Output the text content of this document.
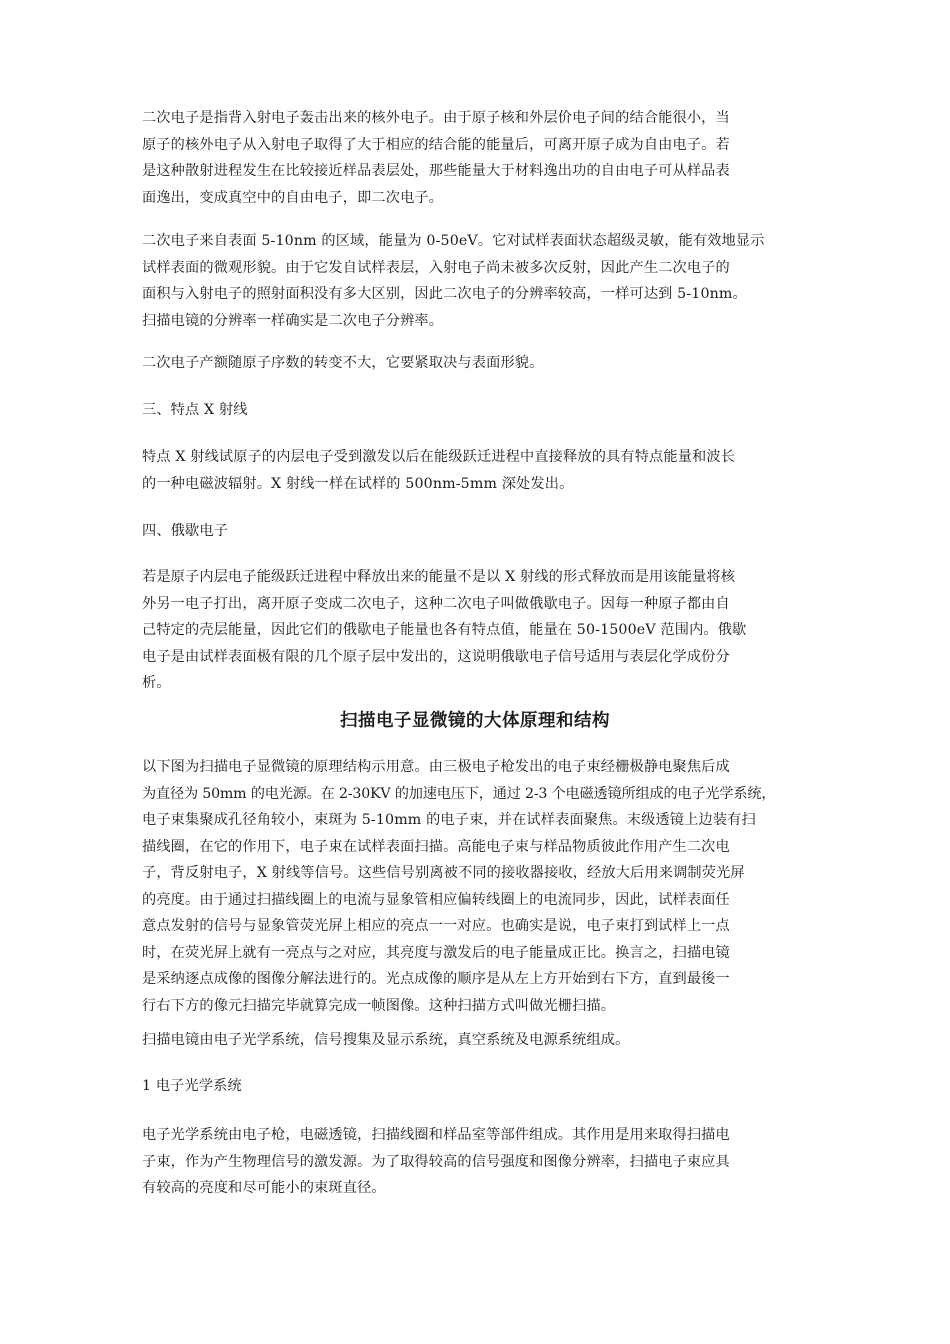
二次电子是指背入射电子轰击出来的核外电子。由于原子核和外层价电子间的结合能很小，当
原子的核外电子从入射电子取得了大于相应的结合能的能量后，可离开原子成为自由电子。若
是这种散射进程发生在比较接近样品表层处，那些能量大于材料逸出功的自由电子可从样品表
面逸出，变成真空中的自由电子，即二次电子。
二次电子来自表面 5-10nm 的区域，能量为 0-50eV。它对试样表面状态超级灵敏，能有效地显示
试样表面的微观形貌。由于它发自试样表层，入射电子尚未被多次反射，因此产生二次电子的
面积与入射电子的照射面积没有多大区别，因此二次电子的分辨率较高，一样可达到 5-10nm。
扫描电镜的分辨率一样确实是二次电子分辨率。
二次电子产额随原子序数的转变不大，它要紧取决与表面形貌。
三、特点 X 射线
特点 X 射线试原子的内层电子受到激发以后在能级跃迁进程中直接释放的具有特点能量和波长
的一种电磁波辐射。X 射线一样在试样的 500nm-5mm 深处发出。
四、俄歇电子
若是原子内层电子能级跃迁进程中释放出来的能量不是以 X 射线的形式释放而是用该能量将核
外另一电子打出，离开原子变成二次电子，这种二次电子叫做俄歇电子。因每一种原子都由自
己特定的壳层能量，因此它们的俄歇电子能量也各有特点值，能量在 50-1500eV 范围内。俄歇
电子是由试样表面极有限的几个原子层中发出的，这说明俄歇电子信号适用与表层化学成份分
析。
扫描电子显微镜的大体原理和结构
以下图为扫描电子显微镜的原理结构示用意。由三极电子枪发出的电子束经栅极静电聚焦后成
为直径为 50mm 的电光源。在 2-30KV 的加速电压下，通过 2-3 个电磁透镜所组成的电子光学系统，
电子束集聚成孔径角较小，束斑为 5-10mm 的电子束，并在试样表面聚焦。末级透镜上边装有扫
描线圈，在它的作用下，电子束在试样表面扫描。高能电子束与样品物质彼此作用产生二次电
子，背反射电子，X 射线等信号。这些信号别离被不同的接收器接收，经放大后用来调制荧光屏
的亮度。由于通过扫描线圈上的电流与显象管相应偏转线圈上的电流同步，因此，试样表面任
意点发射的信号与显象管荧光屏上相应的亮点一一对应。也确实是说，电子束打到试样上一点
时，在荧光屏上就有一亮点与之对应，其亮度与激发后的电子能量成正比。换言之，扫描电镜
是采纳逐点成像的图像分解法进行的。光点成像的顺序是从左上方开始到右下方，直到最後一
行右下方的像元扫描完毕就算完成一帧图像。这种扫描方式叫做光栅扫描。
扫描电镜由电子光学系统，信号搜集及显示系统，真空系统及电源系统组成。
1 电子光学系统
电子光学系统由电子枪，电磁透镜，扫描线圈和样品室等部件组成。其作用是用来取得扫描电
子束，作为产生物理信号的激发源。为了取得较高的信号强度和图像分辨率，扫描电子束应具
有较高的亮度和尽可能小的束斑直径。
